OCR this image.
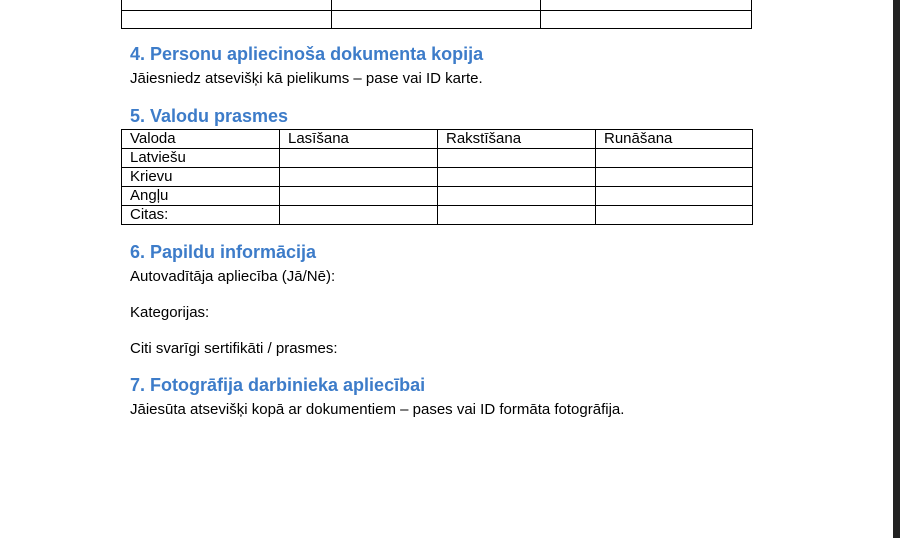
4. Personu apliecinoša dokumenta kopija

Jāiesniedz atsevišķi kā pielikums – pase vai ID karte.

5. Valodu prasmes
Valoda	Lasīšana	Rakstīšana	Runāšana
Latviešu			
Krievu			
Angļu			
Citas:			
6. Papildu informācija

Autovadītāja apliecība (Jā/Nē):

Kategorijas:

Citi svarīgi sertifikāti / prasmes:

7. Fotogrāfija darbinieka apliecībai

Jāiesūta atsevišķi kopā ar dokumentiem – pases vai ID formāta fotogrāfija.
